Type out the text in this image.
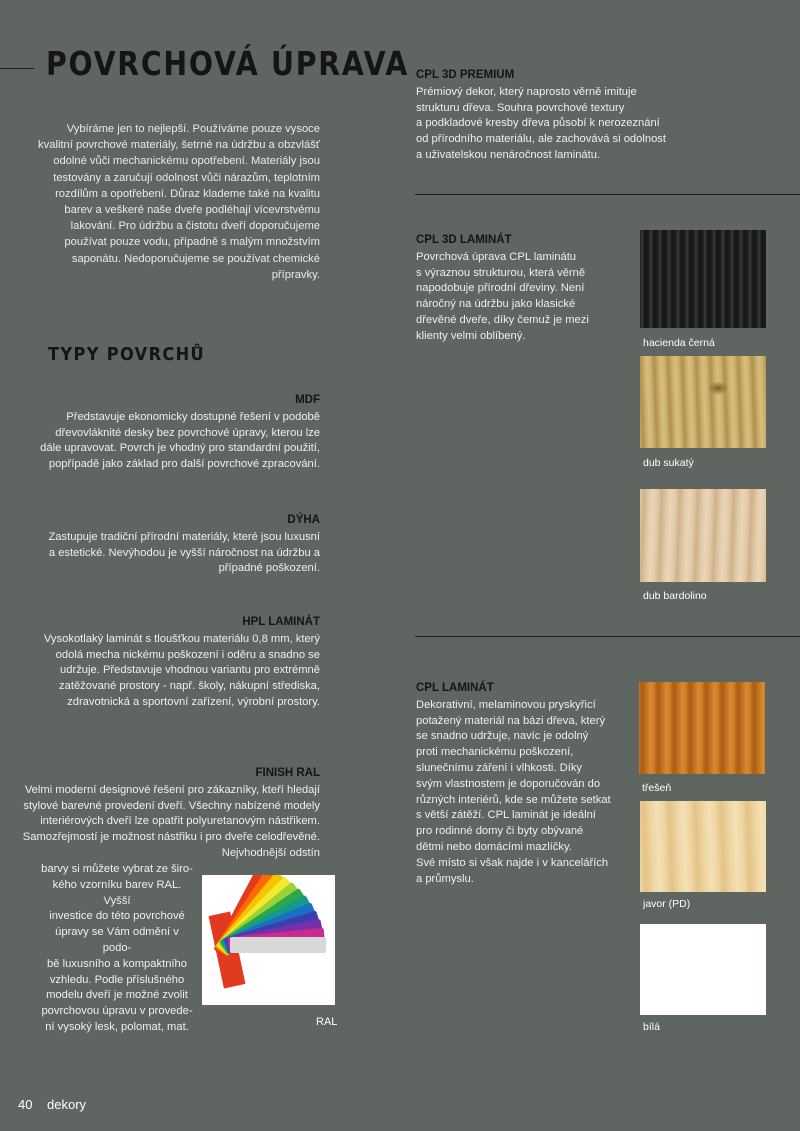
POVRCHOVÁ ÚPRAVA
Vybíráme jen to nejlepší. Používáme pouze vysoce kvalitní povrchové materiály, šetrné na údržbu a obzvlášť odolné vůči mechanickému opotřebení. Materiály jsou testovány a zaručují odolnost vůči nárazům, teplotním rozdílům a opotřebení. Důraz klademe také na kvalitu barev a veškeré naše dveře podléhají vícevrstvému lakování. Pro údržbu a čistotu dveří doporučujeme používat pouze vodu, případně s malým množstvím saponátu. Nedoporučujeme se používat chemické přípravky.
TYPY POVRCHŮ
MDF
Představuje ekonomicky dostupné řešení v podobě dřevovláknité desky bez povrchové úpravy, kterou lze dále upravovat. Povrch je vhodný pro standardní použití, popřípadě jako základ pro další povrchové zpracování.
DÝHA
Zastupuje tradiční přírodní materiály, které jsou luxusní a estetické. Nevýhodou je vyšší náročnost na údržbu a případné poškození.
HPL LAMINÁT
Vysokotlaký laminát s tloušťkou materiálu 0,8 mm, který odolá mecha nickému poškození i oděru a snadno se udržuje. Představuje vhodnou variantu pro extrémně zatěžované prostory - např. školy, nákupní střediska, zdravotnická a sportovní zařízení, výrobní prostory.
FINISH RAL
Velmi moderní designové řešení pro zákazníky, kteří hledají stylové barevné provedení dveří. Všechny nabízené modely interiérových dveří lze opatřit polyuretanovým nástřikem. Samozřejmostí je možnost nástřiku i pro dveře celodřevěné. Nejvhodnější odstín
barvy si můžete vybrat ze širo-
kého vzorníku barev RAL. Vyšší
investice do této povrchové
úpravy se Vám odmění v podo-
bě luxusního a kompaktního
vzhledu. Podle příslušného
modelu dveří je možné zvolit
povrchovou úpravu v provede-
ní vysoký lesk, polomat, mat.	RAL
CPL 3D PREMIUM
Prémiový dekor, který naprosto věrně imituje
strukturu dřeva. Souhra povrchové textury
a podkladové kresby dřeva působí k nerozeznání
od přírodního materiálu, ale zachovává si odolnost
a uživatelskou nenáročnost laminátu.
CPL 3D LAMINÁT
Povrchová úprava CPL laminátu
s výraznou strukturou, která věrně
napodobuje přírodní dřeviny. Není
náročný na údržbu jako klasické
dřevěné dveře, díky čemuž je mezi
klienty velmi oblíbený.
hacienda černá
dub sukatý
dub bardolino
CPL LAMINÁT
Dekorativní, melaminovou pryskyřicí
potažený materiál na bázi dřeva, který
se snadno udržuje, navíc je odolný
proti mechanickému poškození,
slunečnímu záření i vlhkosti. Díky
svým vlastnostem je doporučován do
různých interiérů, kde se můžete setkat
s větší zátěží. CPL laminát je ideální
pro rodinné domy či byty obývané
dětmi nebo domácími mazlíčky.
Své místo si však najde i v kancelářích
a průmyslu.
třešeň
javor (PD)
bílá
40 dekory
